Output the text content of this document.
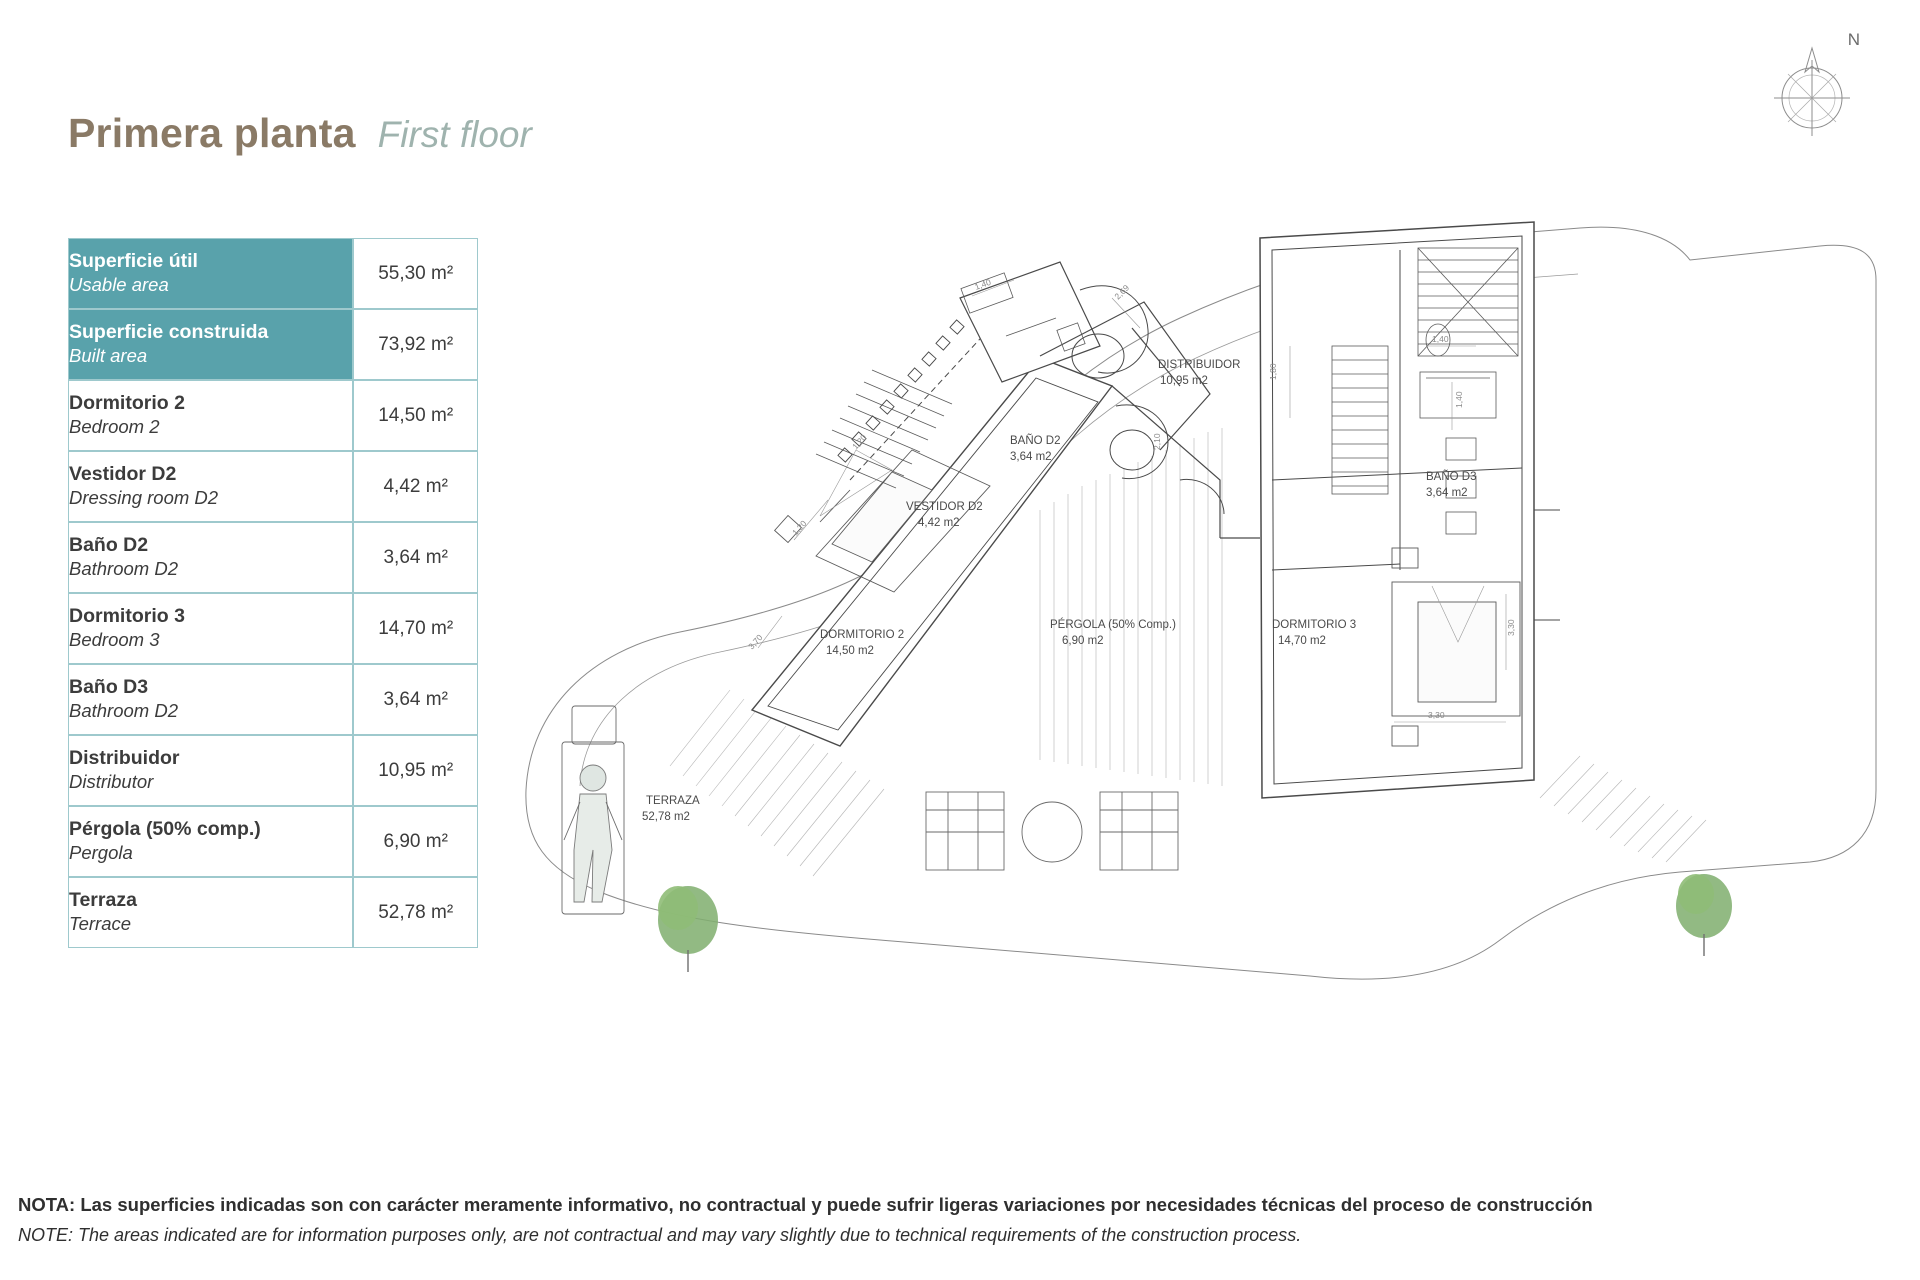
Primera planta First floor
N
Superficie útil
Usable area	55,30 m²

Superficie construida
Built area	73,92 m²

Dormitorio 2
Bedroom 2	14,50 m²

Vestidor D2
Dressing room D2	4,42 m²

Baño D2
Bathroom D2	3,64 m²

Dormitorio 3
Bedroom 3	14,70 m²

Baño D3
Bathroom D2	3,64 m²

Distribuidor
Distributor	10,95 m²

Pérgola (50% comp.)
Pergola	6,90 m²

Terraza
Terrace	52,78 m²
2,69
1,40
1,20
1,20
3,70
1,80
1,40
1,40
3,30
3,30
2,10
DORMITORIO 2
14,50 m2
VESTIDOR D2
4,42 m2
BAÑO D2
3,64 m2
DISTRIBUIDOR
10,95 m2
BAÑO D3
3,64 m2
DORMITORIO 3
14,70 m2
PÉRGOLA (50% Comp.)
6,90 m2
TERRAZA
52,78 m2
NOTA: Las superficies indicadas son con carácter meramente informativo, no contractual y puede sufrir ligeras variaciones por necesidades técnicas del proceso de construcción
NOTE: The areas indicated are for information purposes only, are not contractual and may vary slightly due to technical requirements of the construction process.
